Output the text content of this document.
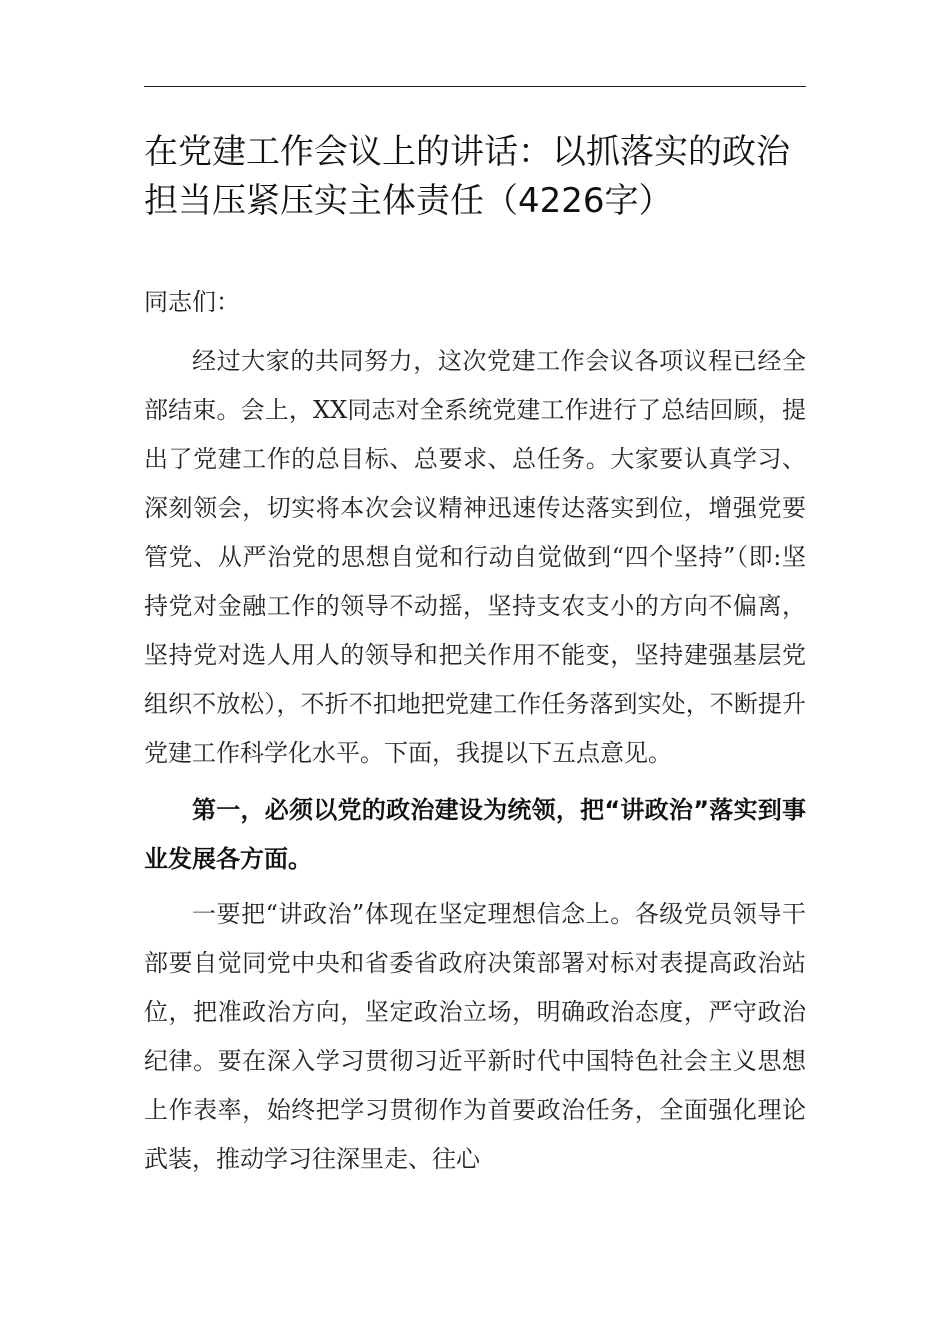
在党建工作会议上的讲话：以抓落实的政治担当压紧压实主体责任（4226字）

同志们：

经过大家的共同努力，这次党建工作会议各项议程已经全部结束。会上，XX同志对全系统党建工作进行了总结回顾，提出了党建工作的总目标、总要求、总任务。大家要认真学习、深刻领会，切实将本次会议精神迅速传达落实到位，增强党要管党、从严治党的思想自觉和行动自觉做到“四个坚持”（即:坚持党对金融工作的领导不动摇，坚持支农支小的方向不偏离，坚持党对选人用人的领导和把关作用不能变，坚持建强基层党组织不放松），不折不扣地把党建工作任务落到实处，不断提升党建工作科学化水平。下面，我提以下五点意见。

第一，必须以党的政治建设为统领，把“讲政治”落实到事业发展各方面。

一要把“讲政治”体现在坚定理想信念上。各级党员领导干部要自觉同党中央和省委省政府决策部署对标对表提高政治站位，把准政治方向，坚定政治立场，明确政治态度，严守政治纪律。要在深入学习贯彻习近平新时代中国特色社会主义思想上作表率，始终把学习贯彻作为首要政治任务，全面强化理论武装，推动学习往深里走、往心
